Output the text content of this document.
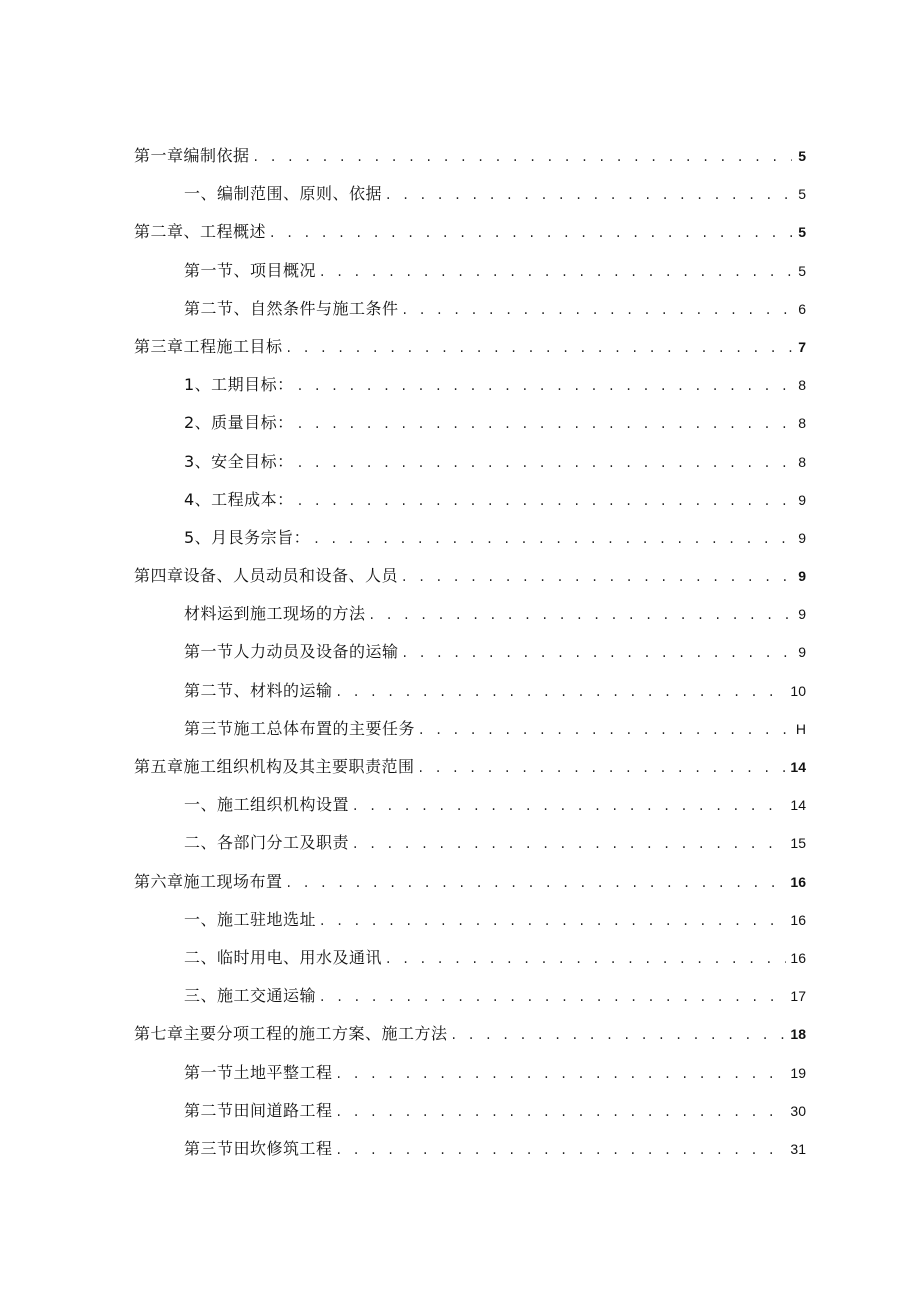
第一章编制依据 . . .	5
一、编制范围、原则、依据 . . .	5
第二章、工程概述 . . .	5
第一节、项目概况 . . .	5
第二节、自然条件与施工条件 . . .	6
第三章工程施工目标 . . .	7
1、工期目标： . . .	8
2、质量目标： . . .	8
3、安全目标： . . .	8
4、工程成本： . . .	9
5、月艮务宗旨： . . .	9
第四章设备、人员动员和设备、人员 . . .	9
材料运到施工现场的方法 . . .	9
第一节人力动员及设备的运输 . . .	9
第二节、材料的运输 . . .	10
第三节施工总体布置的主要任务 . . .	H
第五章施工组织机构及其主要职责范围 . . .	14
一、施工组织机构设置 . . .	14
二、各部门分工及职责 . . .	15
第六章施工现场布置 . . .	16
一、施工驻地选址 . . .	16
二、临时用电、用水及通讯 . . .	16
三、施工交通运输 . . .	17
第七章主要分项工程的施工方案、施工方法 . . .	18
第一节土地平整工程 . . .	19
第二节田间道路工程 . . .	30
第三节田坎修筑工程 . . .	31
